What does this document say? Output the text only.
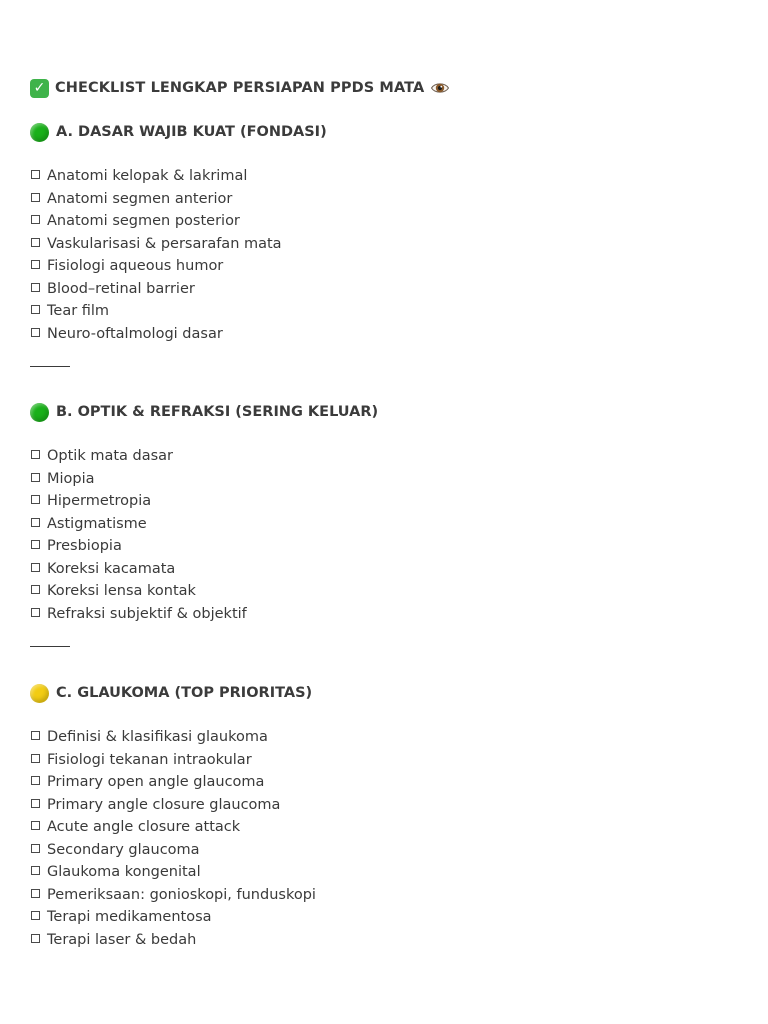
✓ CHECKLIST LENGKAP PERSIAPAN PPDS MATA
A. DASAR WAJIB KUAT (FONDASI)
Anatomi kelopak & lakrimal
Anatomi segmen anterior
Anatomi segmen posterior
Vaskularisasi & persarafan mata
Fisiologi aqueous humor
Blood–retinal barrier
Tear film
Neuro-oftalmologi dasar
B. OPTIK & REFRAKSI (SERING KELUAR)
Optik mata dasar
Miopia
Hipermetropia
Astigmatisme
Presbiopia
Koreksi kacamata
Koreksi lensa kontak
Refraksi subjektif & objektif
C. GLAUKOMA (TOP PRIORITAS)
Definisi & klasifikasi glaukoma
Fisiologi tekanan intraokular
Primary open angle glaucoma
Primary angle closure glaucoma
Acute angle closure attack
Secondary glaucoma
Glaukoma kongenital
Pemeriksaan: gonioskopi, funduskopi
Terapi medikamentosa
Terapi laser & bedah
